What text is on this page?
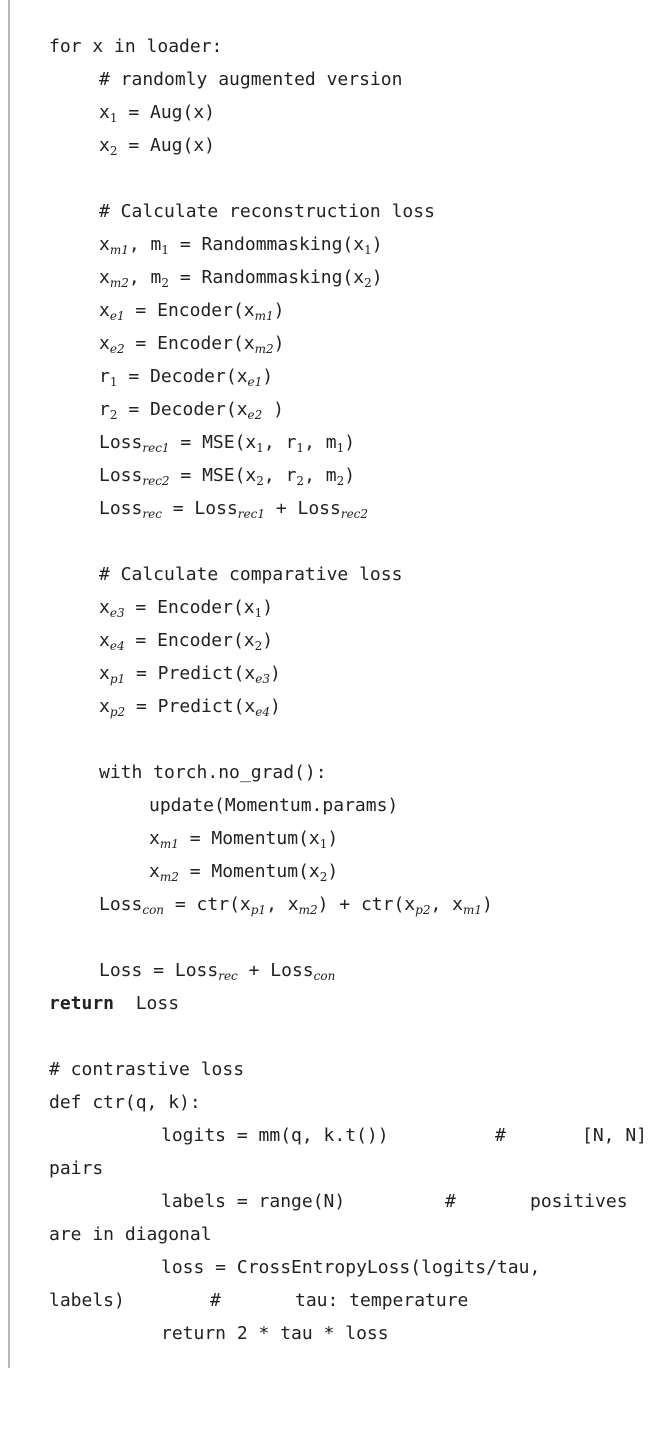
for x in loader:
# randomly augmented version
$x_1 = Aug(x)$
$x_2 = Aug(x)$
# Calculate reconstruction loss
$x_{m1}$, $m_1$ = $Randommasking(x_1)$
$x_{m2}$, $m_2$ = $Randommasking(x_2)$
$x_{e1}$ = $Encoder(x_{m1})$
$x_{e2}$ = $Encoder(x_{m2})$
$r_1$ = $Decoder(x_{e1})$
$r_2$ = $Decoder(x_{e2}$ )
Loss$_{rec1}$ = $MSE(x_1$, $r_1$, $m_1$)
Loss$_{rec2}$ = $MSE(x_2$, $r_2$, $m_2$)
Loss$_{rec}$ = Loss$_{rec1}$ + Loss$_{rec2}$
# Calculate comparative loss
$x_{e3}$ = $Encoder(x_1)$
$x_{e4}$ = $Encoder(x_2)$
$x_{p1}$ = $Predict(x_{e3})$
$x_{p2}$ = $Predict(x_{e4})$
with torch.no_grad():
update(Momentum.params)
$x_{m1}$ = $Momentum(x_1)$
$x_{m2}$ = $Momentum(x_2)$
Loss$_{con}$ = $ctr(x_{p1}$, $x_{m2}) + ctr(x_{p2}$, $x_{m1}$)
Loss = Loss$_{rec}$ + Loss$_{con}$
return  Loss
# contrastive loss
def ctr(q, k):

logits = mm(q, k.t())

	#

	[N, N]

pairs

labels = range(N)

	#

	positives

are in diagonal
loss = CrossEntropyLoss(logits/tau,

labels)

	#

	tau: temperature

return 2 * tau * loss
